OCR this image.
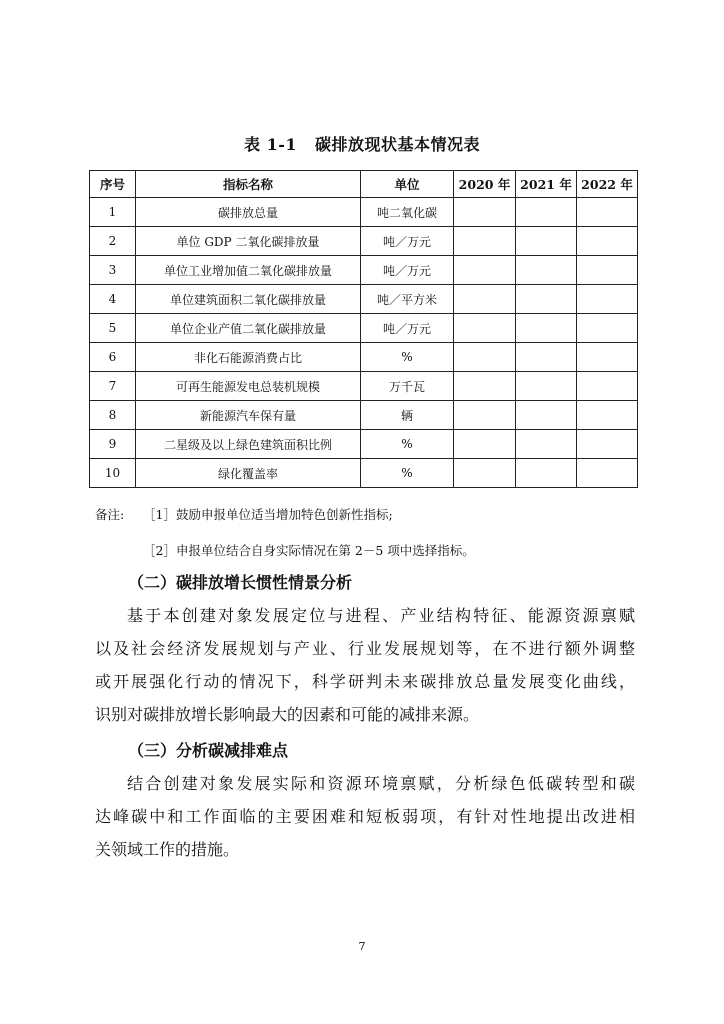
表 1-1 碳排放现状基本情况表
序号	指标名称	单位	2020 年	2021 年	2022 年
1	碳排放总量	吨二氧化碳			
2	单位 GDP 二氧化碳排放量	吨／万元			
3	单位工业增加值二氧化碳排放量	吨／万元			
4	单位建筑面积二氧化碳排放量	吨／平方米			
5	单位企业产值二氧化碳排放量	吨／万元			
6	非化石能源消费占比	%			
7	可再生能源发电总装机规模	万千瓦			
8	新能源汽车保有量	辆			
9	二星级及以上绿色建筑面积比例	%			
10	绿化覆盖率	%			
备注: ［1］鼓励申报单位适当增加特色创新性指标;
［2］申报单位结合自身实际情况在第 2－5 项中选择指标。
（二）碳排放增长惯性情景分析
基于本创建对象发展定位与进程、产业结构特征、能源资源禀赋
以及社会经济发展规划与产业、行业发展规划等，在不进行额外调整
或开展强化行动的情况下，科学研判未来碳排放总量发展变化曲线，
识别对碳排放增长影响最大的因素和可能的减排来源。
（三）分析碳减排难点
结合创建对象发展实际和资源环境禀赋，分析绿色低碳转型和碳
达峰碳中和工作面临的主要困难和短板弱项，有针对性地提出改进相
关领域工作的措施。
7
